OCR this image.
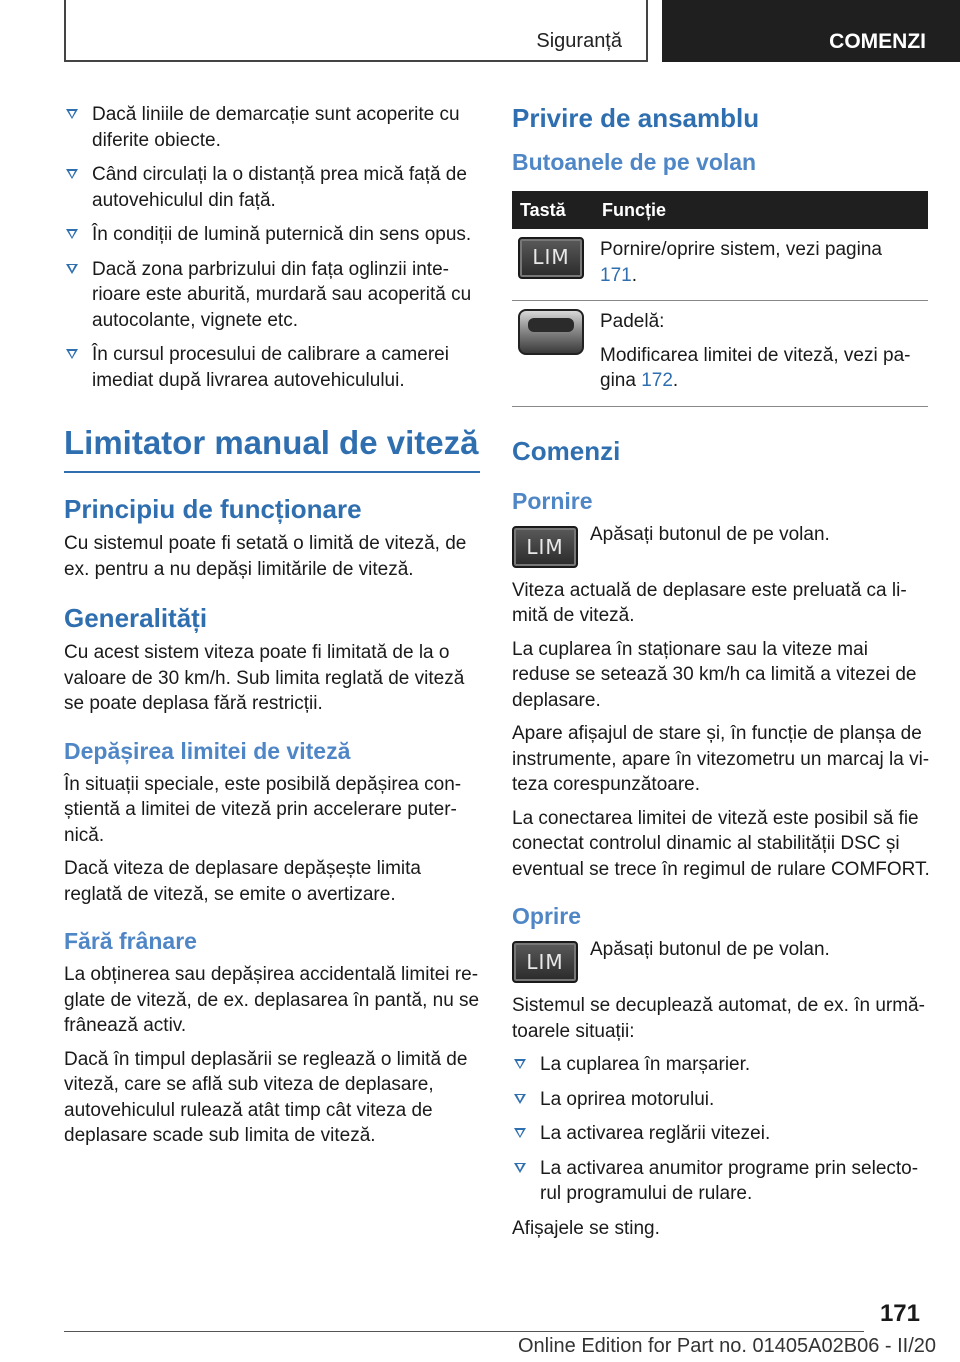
Siguranță	COMENZI
Dacă liniile de demarcație sunt acoperite cu diferite obiecte.
Când circulați la o distanță prea mică față de autovehiculul din față.
În condiții de lumină puternică din sens opus.
Dacă zona parbrizului din fața oglinzii interioare este aburită, murdară sau acoperită cu autocolante, vignete etc.
În cursul procesului de calibrare a camerei imediat după livrarea autovehiculului.
Limitator manual de viteză
Principiu de funcționare

Cu sistemul poate fi setată o limită de viteză, de ex. pentru a nu depăși limitările de viteză.

Generalități

Cu acest sistem viteza poate fi limitată de la o valoare de 30 km/h. Sub limita reglată de viteză se poate deplasa fără restricții.

Depășirea limitei de viteză

În situații speciale, este posibilă depășirea conștientă a limitei de viteză prin accelerare puternică.

Dacă viteza de deplasare depășește limita reglată de viteză, se emite o avertizare.

Fără frânare

La obținerea sau depășirea accidentală limitei reglate de viteză, de ex. deplasarea în pantă, nu se frânează activ.

Dacă în timpul deplasării se reglează o limită de viteză, care se află sub viteza de deplasare, autovehiculul rulează atât timp cât viteza de deplasare scade sub limita de viteză.

Privire de ansamblu
Butoanele de pe volan
Tastă	Funcție

LIM	Pornire/oprire sistem, vezi pagina 171.

	Padelă:
Modificarea limitei de viteză, vezi pagina 172.
Comenzi
Pornire
LIM

Apăsați butonul de pe volan.

Viteza actuală de deplasare este preluată ca limită de viteză.

La cuplarea în staționare sau la viteze mai reduse se setează 30 km/h ca limită a vitezei de deplasare.

Apare afișajul de stare și, în funcție de planșa de instrumente, apare în vitezometru un marcaj la viteza corespunzătoare.

La conectarea limitei de viteză este posibil să fie conectat controlul dinamic al stabilității DSC și eventual se trece în regimul de rulare COMFORT.

Oprire
LIM

Apăsați butonul de pe volan.

Sistemul se decuplează automat, de ex. în următoarele situații:

La cuplarea în marșarier.
La oprirea motorului.
La activarea reglării vitezei.
La activarea anumitor programe prin selectorul programului de rulare.

Afișajele se sting.

171
Online Edition for Part no. 01405A02B06 - II/20
